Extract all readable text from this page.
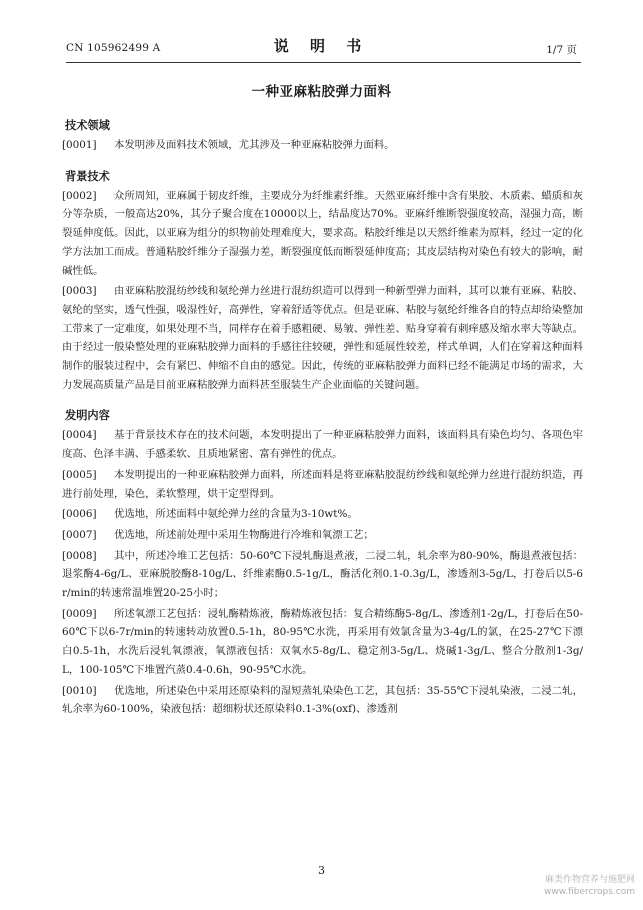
CN 105962499 A	说 明 书	1/7 页
一种亚麻粘胶弹力面料
技术领域
[0001] 本发明涉及面料技术领域，尤其涉及一种亚麻粘胶弹力面料。
背景技术
[0002] 众所周知，亚麻属于韧皮纤维，主要成分为纤维素纤维。天然亚麻纤维中含有果胶、木质素、蜡质和灰分等杂质，一般高达20%，其分子聚合度在10000以上，结晶度达70%。亚麻纤维断裂强度较高，湿强力高，断裂延伸度低。因此，以亚麻为组分的织物前处理难度大，要求高。粘胶纤维是以天然纤维素为原料，经过一定的化学方法加工而成。普通粘胶纤维分子湿强力差，断裂强度低而断裂延伸度高；其皮层结构对染色有较大的影响，耐碱性低。
[0003] 由亚麻粘胶混纺纱线和氨纶弹力丝进行混纺织造可以得到一种新型弹力面料，其可以兼有亚麻、粘胶、氨纶的坚实，透气性强，吸湿性好，高弹性，穿着舒适等优点。但是亚麻、粘胶与氨纶纤维各自的特点却给染整加工带来了一定难度，如果处理不当，同样存在着手感粗硬、易皱、弹性差、贴身穿着有刺痒感及缩水率大等缺点。由于经过一般染整处理的亚麻粘胶弹力面料的手感往往较硬，弹性和延展性较差，样式单调，人们在穿着这种面料制作的服装过程中，会有紧巴、伸缩不自由的感觉。因此，传统的亚麻粘胶弹力面料已经不能满足市场的需求，大力发展高质量产品是目前亚麻粘胶弹力面料甚至服装生产企业面临的关键问题。
发明内容
[0004] 基于背景技术存在的技术问题，本发明提出了一种亚麻粘胶弹力面料，该面料具有染色均匀、各项色牢度高、色泽丰满、手感柔软、且质地紧密、富有弹性的优点。
[0005] 本发明提出的一种亚麻粘胶弹力面料，所述面料是将亚麻粘胶混纺纱线和氨纶弹力丝进行混纺织造，再进行前处理，染色，柔软整理，烘干定型得到。
[0006] 优选地，所述面料中氨纶弹力丝的含量为3-10wt%。
[0007] 优选地，所述前处理中采用生物酶进行冷堆和氧漂工艺；
[0008] 其中，所述冷堆工艺包括：50-60℃下浸轧酶退煮液，二浸二轧，轧余率为80-90%，酶退煮液包括：退浆酶4-6g/L、亚麻脱胶酶8-10g/L、纤维素酶0.5-1g/L，酶活化剂0.1-0.3g/L，渗透剂3-5g/L，打卷后以5-6r/min的转速常温堆置20-25小时；
[0009] 所述氧漂工艺包括：浸轧酶精炼液，酶精炼液包括：复合精练酶5-8g/L、渗透剂1-2g/L，打卷后在50-60℃下以6-7r/min的转速转动放置0.5-1h，80-95℃水洗，再采用有效氯含量为3-4g/L的氯，在25-27℃下漂白0.5-1h，水洗后浸轧氧漂液，氧漂液包括：双氧水5-8g/L、稳定剂3-5g/L、烧碱1-3g/L、整合分散剂1-3g/L，100-105℃下堆置汽蒸0.4-0.6h，90-95℃水洗。
[0010] 优选地，所述染色中采用还原染料的湿短蒸轧染染色工艺，其包括：35-55℃下浸轧染液，二浸二轧，轧余率为60-100%，染液包括：超细粉状还原染料0.1-3%(oxf)、渗透剂
3
麻类作物营养与施肥网
www.fibercrops.com
